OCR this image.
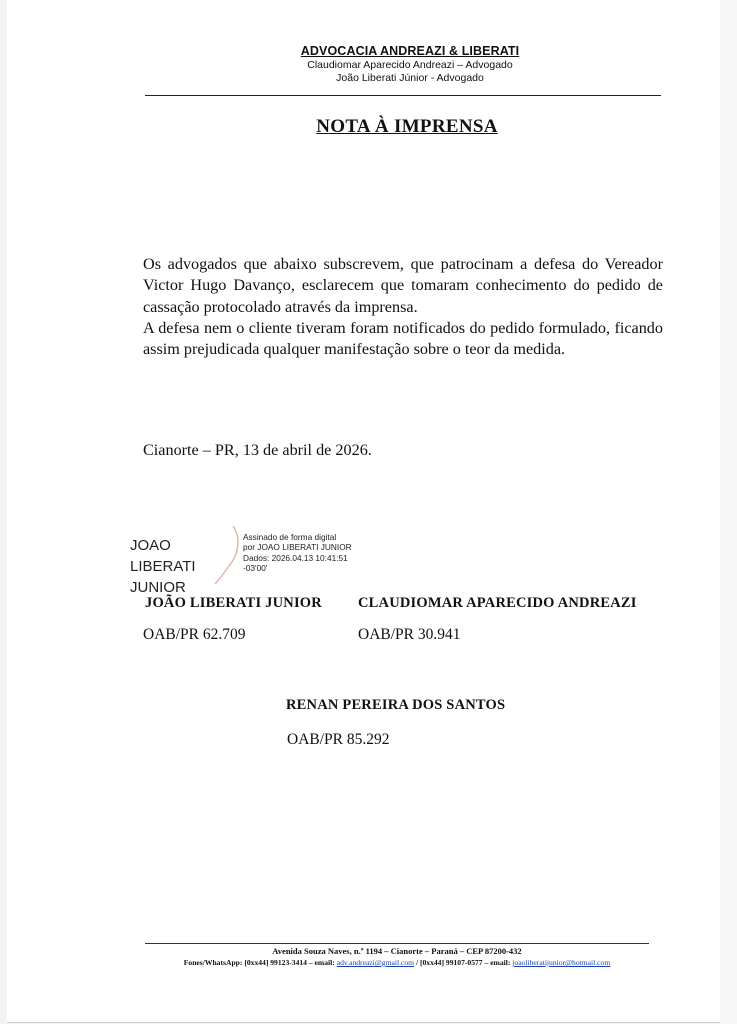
ADVOCACIA ANDREAZI & LIBERATI
Claudiomar Aparecido Andreazi – Advogado
João Liberati Júnior - Advogado
NOTA À IMPRENSA

Os advogados que abaixo subscrevem, que patrocinam a defesa do Vereador Victor Hugo Davanço, esclarecem que tomaram conhecimento do pedido de cassação protocolado através da imprensa.

A defesa nem o cliente tiveram foram notificados do pedido formulado, ficando assim prejudicada qualquer manifestação sobre o teor da medida.

Cianorte – PR, 13 de abril de 2026.
JOAO LIBERATI
JUNIOR
Assinado de forma digital
por JOAO LIBERATI JUNIOR
Dados: 2026.04.13 10:41:51
-03'00'
JOÃO LIBERATI JUNIOR
OAB/PR 62.709
CLAUDIOMAR APARECIDO ANDREAZI
OAB/PR 30.941
RENAN PEREIRA DOS SANTOS
OAB/PR 85.292
Avenida Souza Naves, n.º 1194 – Cianorte – Paraná – CEP 87200-432
Fones/WhatsApp: [0xx44] 99123-3414 – email: adv.andreazi@gmail.com / [0xx44] 99107-0577 – email: joaoliberatijunior@hotmail.com
